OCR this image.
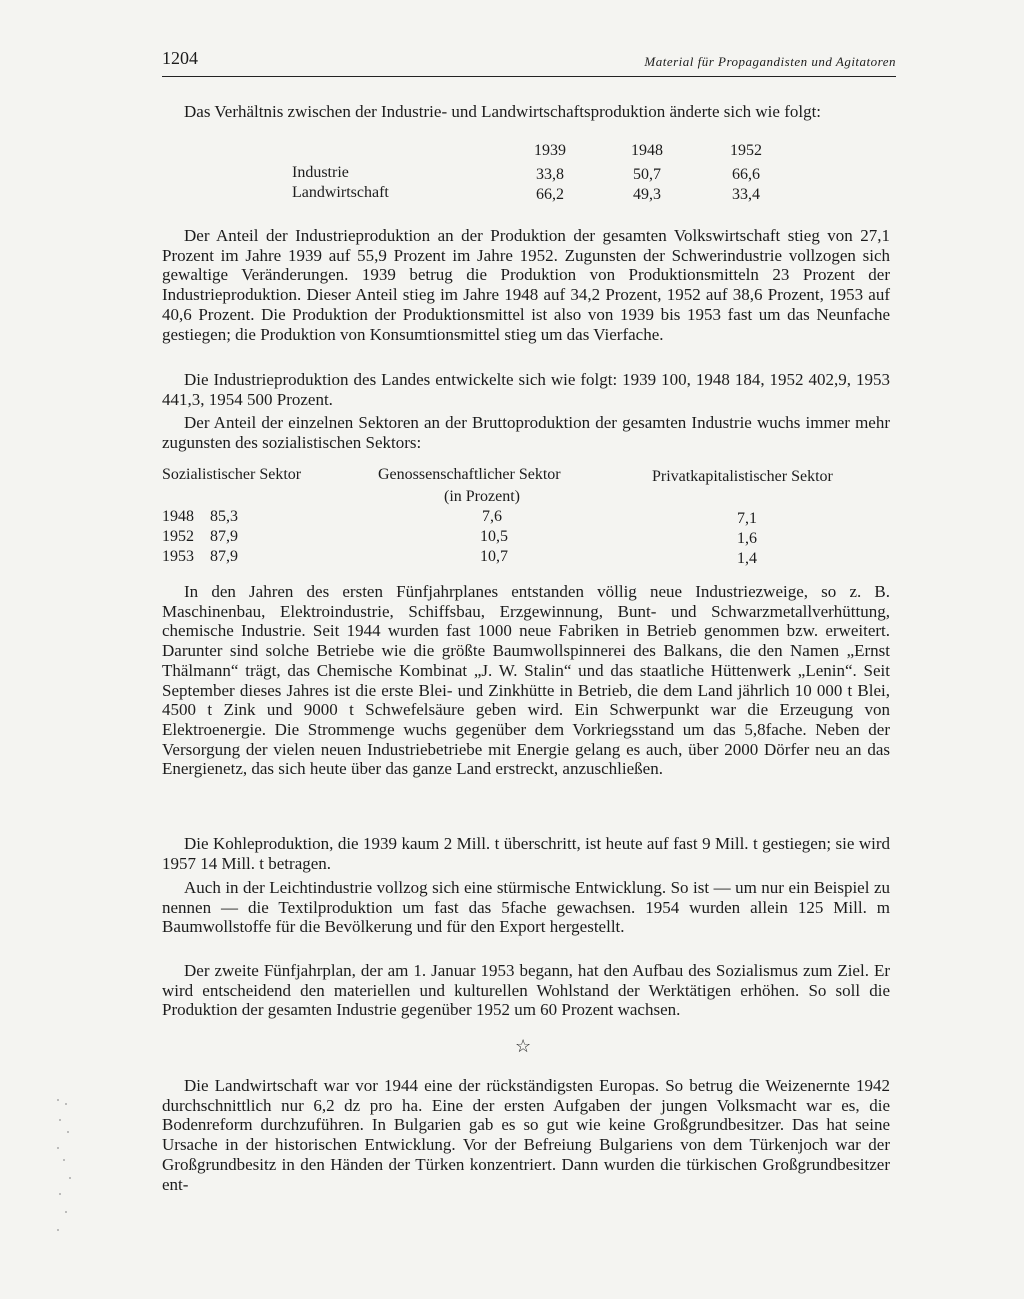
1204	Material für Propagandisten und Agitatoren

Das Verhältnis zwischen der Industrie- und Landwirtschaftsproduktion änderte sich wie folgt:

1939	1948	1952
Industrie	33,8	50,7	66,6
Landwirtschaft	66,2	49,3	33,4

Der Anteil der Industrieproduktion an der Produktion der gesamten Volkswirtschaft stieg von 27,1 Prozent im Jahre 1939 auf 55,9 Prozent im Jahre 1952. Zugunsten der Schwerindustrie vollzogen sich gewaltige Veränderungen. 1939 betrug die Produktion von Produktionsmitteln 23 Prozent der Industrieproduktion. Dieser Anteil stieg im Jahre 1948 auf 34,2 Prozent, 1952 auf 38,6 Prozent, 1953 auf 40,6 Prozent. Die Produktion der Produktionsmittel ist also von 1939 bis 1953 fast um das Neunfache gestiegen; die Produktion von Konsumtionsmittel stieg um das Vierfache.

Die Industrieproduktion des Landes entwickelte sich wie folgt: 1939 100, 1948 184, 1952 402,9, 1953 441,3, 1954 500 Prozent.

Der Anteil der einzelnen Sektoren an der Bruttoproduktion der gesamten Industrie wuchs immer mehr zugunsten des sozialistischen Sektors:

Sozialistischer Sektor	Genossenschaftlicher Sektor	Privatkapitalistischer Sektor
(in Prozent)
1948 85,3	7,6	7,1
1952 87,9	10,5	1,6
1953 87,9	10,7	1,4

In den Jahren des ersten Fünfjahrplanes entstanden völlig neue Industriezweige, so z. B. Maschinenbau, Elektroindustrie, Schiffsbau, Erzgewinnung, Bunt- und Schwarzmetallverhüttung, chemische Industrie. Seit 1944 wurden fast 1000 neue Fabriken in Betrieb genommen bzw. erweitert. Darunter sind solche Betriebe wie die größte Baumwollspinnerei des Balkans, die den Namen „Ernst Thälmann“ trägt, das Chemische Kombinat „J. W. Stalin“ und das staatliche Hüttenwerk „Lenin“. Seit September dieses Jahres ist die erste Blei- und Zinkhütte in Betrieb, die dem Land jährlich 10 000 t Blei, 4500 t Zink und 9000 t Schwefelsäure geben wird. Ein Schwerpunkt war die Erzeugung von Elektroenergie. Die Strommenge wuchs gegenüber dem Vorkriegsstand um das 5,8fache. Neben der Versorgung der vielen neuen Industriebetriebe mit Energie gelang es auch, über 2000 Dörfer neu an das Energienetz, das sich heute über das ganze Land erstreckt, anzuschließen.

Die Kohleproduktion, die 1939 kaum 2 Mill. t überschritt, ist heute auf fast 9 Mill. t gestiegen; sie wird 1957 14 Mill. t betragen.

Auch in der Leichtindustrie vollzog sich eine stürmische Entwicklung. So ist — um nur ein Beispiel zu nennen — die Textilproduktion um fast das 5fache gewachsen. 1954 wurden allein 125 Mill. m Baumwollstoffe für die Bevölkerung und für den Export hergestellt.

Der zweite Fünfjahrplan, der am 1. Januar 1953 begann, hat den Aufbau des Sozialismus zum Ziel. Er wird entscheidend den materiellen und kulturellen Wohlstand der Werktätigen erhöhen. So soll die Produktion der gesamten Industrie gegenüber 1952 um 60 Prozent wachsen.

☆

Die Landwirtschaft war vor 1944 eine der rückständigsten Europas. So betrug die Weizenernte 1942 durchschnittlich nur 6,2 dz pro ha. Eine der ersten Aufgaben der jungen Volksmacht war es, die Bodenreform durchzuführen. In Bulgarien gab es so gut wie keine Großgrundbesitzer. Das hat seine Ursache in der historischen Entwicklung. Vor der Befreiung Bulgariens von dem Türkenjoch war der Großgrundbesitz in den Händen der Türken konzentriert. Dann wurden die türkischen Großgrundbesitzer ent-
